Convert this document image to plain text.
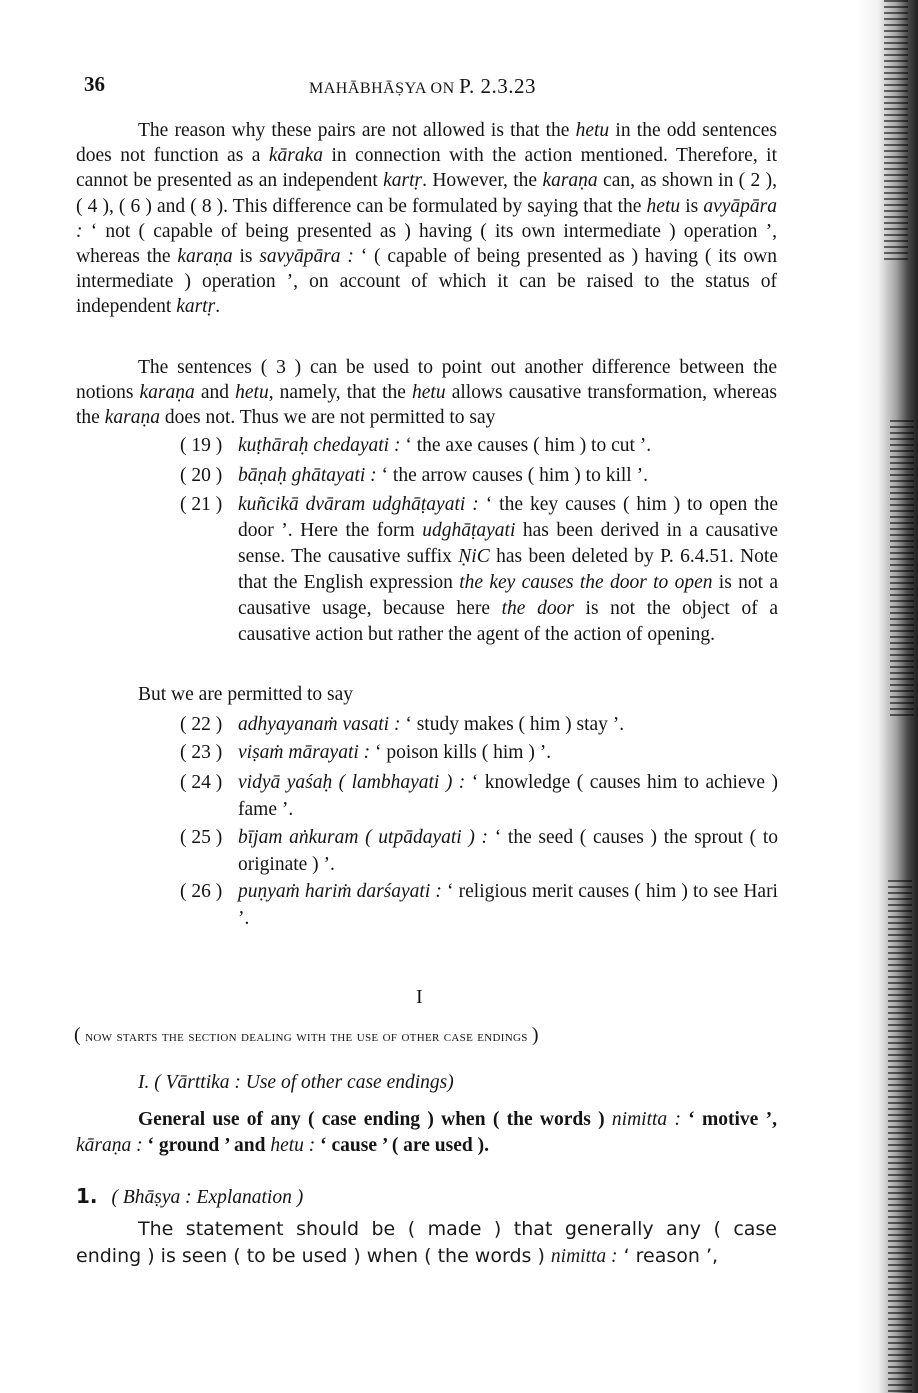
36	MAHĀBHĀṢYA ON P. 2.3.23
The reason why these pairs are not allowed is that the hetu in the odd sentences does not function as a kāraka in connection with the action mentioned. Therefore, it cannot be presented as an independent kartṛ. However, the karaṇa can, as shown in ( 2 ), ( 4 ), ( 6 ) and ( 8 ). This difference can be formulated by saying that the hetu is avyāpāra : ‘ not ( capable of being presented as ) having ( its own intermediate ) operation ’, whereas the karaṇa is savyāpāra : ‘ ( capable of being presented as ) having ( its own intermediate ) operation ’, on account of which it can be raised to the status of independent kartṛ.
The sentences ( 3 ) can be used to point out another difference between the notions karaṇa and hetu, namely, that the hetu allows causative transformation, whereas the karaṇa does not. Thus we are not permitted to say
( 19 ) kuṭhāraḥ chedayati : ‘ the axe causes ( him ) to cut ’.
( 20 ) bāṇaḥ ghātayati : ‘ the arrow causes ( him ) to kill ’.
( 21 ) kuñcikā dvāram udghāṭayati : ‘ the key causes ( him ) to open the door ’. Here the form udghāṭayati has been derived in a causative sense. The causative suffix ṆiC has been deleted by P. 6.4.51. Note that the English expression the key causes the door to open is not a causative usage, because here the door is not the object of a causative action but rather the agent of the action of opening.
But we are permitted to say
( 22 ) adhyayanaṁ vasati : ‘ study makes ( him ) stay ’.
( 23 ) viṣaṁ mārayati : ‘ poison kills ( him ) ’.
( 24 ) vidyā yaśaḥ ( lambhayati ) : ‘ knowledge ( causes him to achieve ) fame ’.
( 25 ) bījam aṅkuram ( utpādayati ) : ‘ the seed ( causes ) the sprout ( to originate ) ’.
( 26 ) puṇyaṁ hariṁ darśayati : ‘ religious merit causes ( him ) to see Hari ’.
I
( now starts the section dealing with the use of other case endings )
I. ( Vārttika : Use of other case endings)
General use of any ( case ending ) when ( the words ) nimitta : ‘ motive ’, kāraṇa : ‘ ground ’ and hetu : ‘ cause ’ ( are used ).
1. ( Bhāṣya : Explanation )
The statement should be ( made ) that generally any ( case ending ) is seen ( to be used ) when ( the words ) nimitta : ‘ reason ’,
